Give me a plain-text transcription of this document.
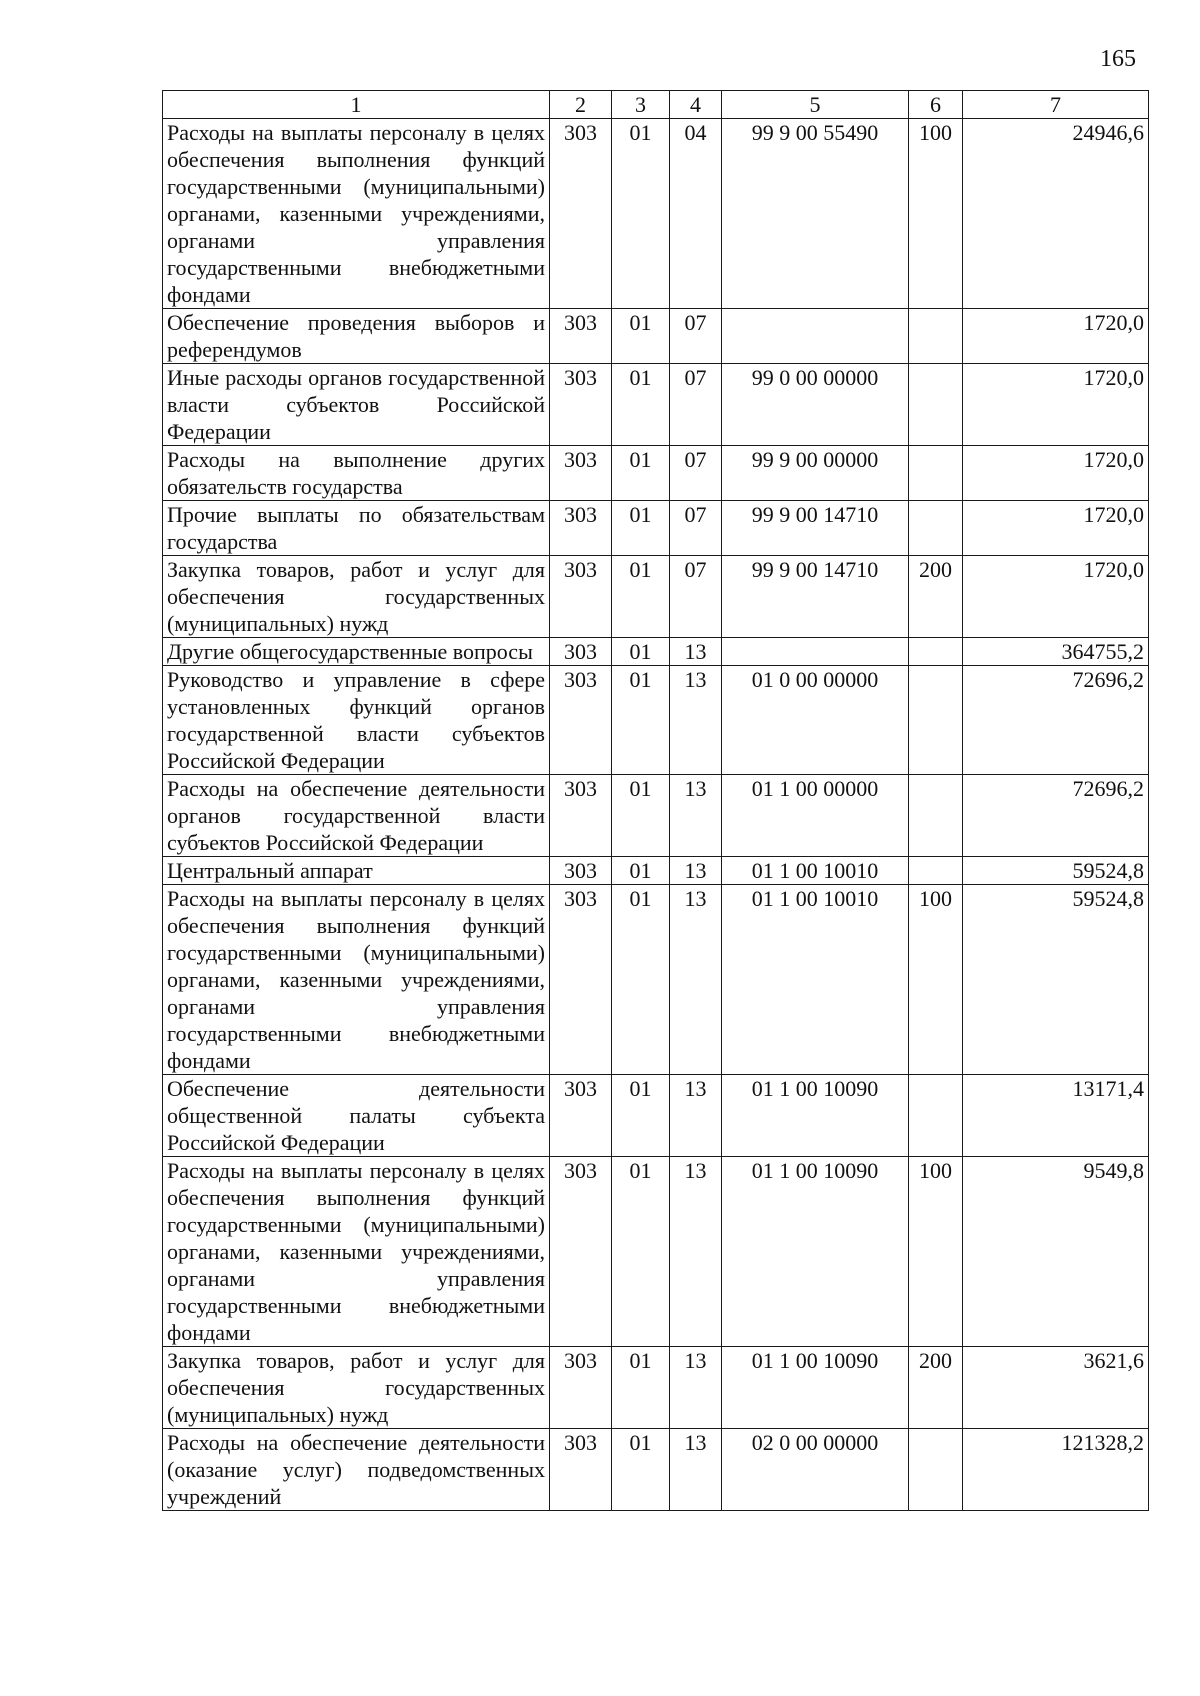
165
1	2	3	4	5	6	7
Расходы на выплаты персоналу в целях обеспечения выполнения функций государственными (муниципальными) органами, казенными учреждениями, органами управления государственными внебюджетными фондами	303	01	04	99 9 00 55490	100	24946,6
Обеспечение проведения выборов и референдумов	303	01	07			1720,0
Иные расходы органов государственной власти субъектов Российской Федерации	303	01	07	99 0 00 00000		1720,0
Расходы на выполнение других обязательств государства	303	01	07	99 9 00 00000		1720,0
Прочие выплаты по обязательствам государства	303	01	07	99 9 00 14710		1720,0
Закупка товаров, работ и услуг для обеспечения государственных (муниципальных) нужд	303	01	07	99 9 00 14710	200	1720,0
Другие общегосударственные вопросы	303	01	13			364755,2
Руководство и управление в сфере установленных функций органов государственной власти субъектов Российской Федерации	303	01	13	01 0 00 00000		72696,2
Расходы на обеспечение деятельности органов государственной власти субъектов Российской Федерации	303	01	13	01 1 00 00000		72696,2
Центральный аппарат	303	01	13	01 1 00 10010		59524,8
Расходы на выплаты персоналу в целях обеспечения выполнения функций государственными (муниципальными) органами, казенными учреждениями, органами управления государственными внебюджетными фондами	303	01	13	01 1 00 10010	100	59524,8
Обеспечение деятельности общественной палаты субъекта Российской Федерации	303	01	13	01 1 00 10090		13171,4
Расходы на выплаты персоналу в целях обеспечения выполнения функций государственными (муниципальными) органами, казенными учреждениями, органами управления государственными внебюджетными фондами	303	01	13	01 1 00 10090	100	9549,8
Закупка товаров, работ и услуг для обеспечения государственных (муниципальных) нужд	303	01	13	01 1 00 10090	200	3621,6
Расходы на обеспечение деятельности (оказание услуг) подведомственных учреждений	303	01	13	02 0 00 00000		121328,2
